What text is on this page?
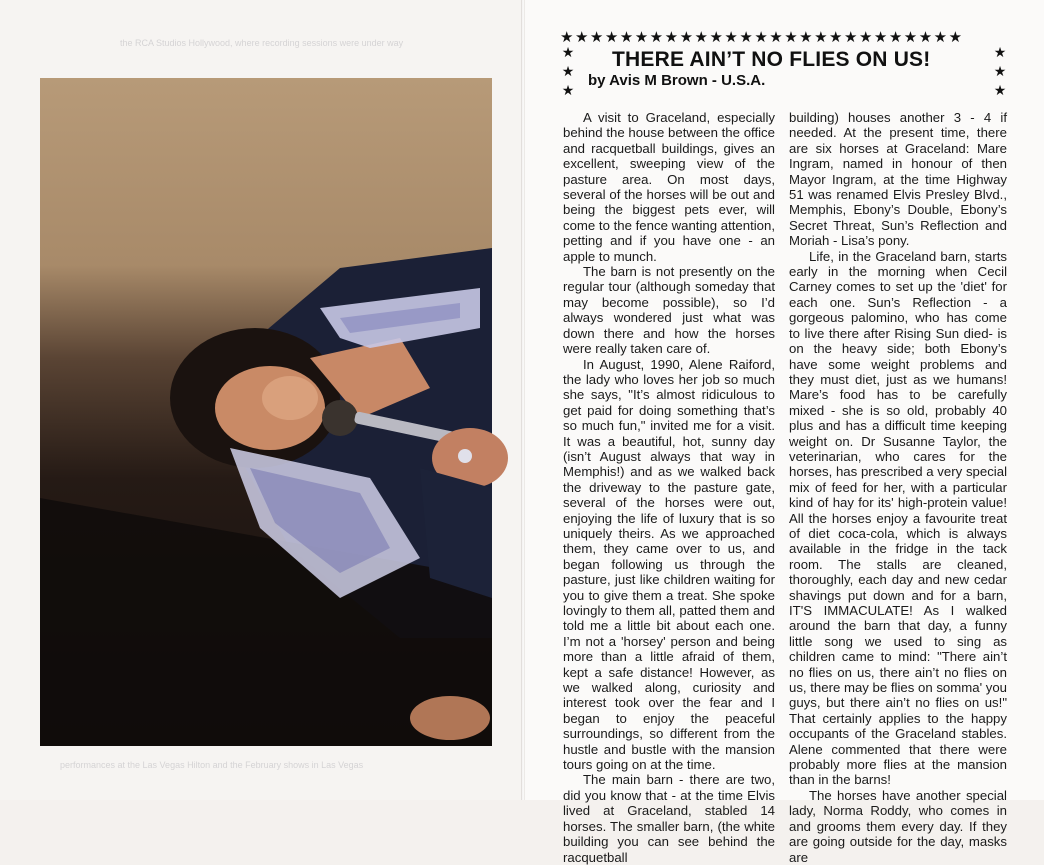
the RCA Studios Hollywood, where recording sessions were under way
performances at the Las Vegas Hilton and the February shows in Las Vegas
★★★★★★★★★★★★★★★★★★★★★★★★★★★
★
★
★
★
★
★
THERE AIN’T NO FLIES ON US!
by Avis M Brown - U.S.A.

A visit to Graceland, especially behind the house between the office and racquetball buildings, gives an excellent, sweeping view of the pasture area. On most days, several of the horses will be out and being the biggest pets ever, will come to the fence wanting attention, petting and if you have one - an apple to munch.

The barn is not presently on the regular tour (although someday that may become possible), so I’d always wondered just what was down there and how the horses were really taken care of.

In August, 1990, Alene Raiford, the lady who loves her job so much she says, "It’s almost ridiculous to get paid for doing something that’s so much fun," invited me for a visit. It was a beautiful, hot, sunny day (isn’t August always that way in Memphis!) and as we walked back the driveway to the pasture gate, several of the horses were out, enjoying the life of luxury that is so uniquely theirs. As we approached them, they came over to us, and began following us through the pasture, just like children waiting for you to give them a treat. She spoke lovingly to them all, patted them and told me a little bit about each one. I’m not a 'horsey' person and being more than a little afraid of them, kept a safe distance! However, as we walked along, curiosity and interest took over the fear and I began to enjoy the peaceful surroundings, so different from the hustle and bustle with the mansion tours going on at the time.

The main barn - there are two, did you know that - at the time Elvis lived at Graceland, stabled 14 horses. The smaller barn, (the white building you can see behind the racquetball

building) houses another 3 - 4 if needed. At the present time, there are six horses at Graceland: Mare Ingram, named in honour of then Mayor Ingram, at the time Highway 51 was renamed Elvis Presley Blvd., Memphis, Ebony’s Double, Ebony’s Secret Threat, Sun’s Reflection and Moriah - Lisa’s pony.

Life, in the Graceland barn, starts early in the morning when Cecil Carney comes to set up the 'diet' for each one. Sun’s Reflection - a gorgeous palomino, who has come to live there after Rising Sun died- is on the heavy side; both Ebony’s have some weight problems and they must diet, just as we humans! Mare’s food has to be carefully mixed - she is so old, probably 40 plus and has a difficult time keeping weight on. Dr Susanne Taylor, the veterinarian, who cares for the horses, has prescribed a very special mix of feed for her, with a particular kind of hay for its' high-protein value! All the horses enjoy a favourite treat of diet coca-cola, which is always available in the fridge in the tack room. The stalls are cleaned, thoroughly, each day and new cedar shavings put down and for a barn, IT'S IMMACULATE! As I walked around the barn that day, a funny little song we used to sing as children came to mind: "There ain’t no flies on us, there ain’t no flies on us, there may be flies on somma' you guys, but there ain’t no flies on us!" That certainly applies to the happy occupants of the Graceland stables. Alene commented that there were probably more flies at the mansion than in the barns!

The horses have another special lady, Norma Roddy, who comes in and grooms them every day. If they are going outside for the day, masks are
